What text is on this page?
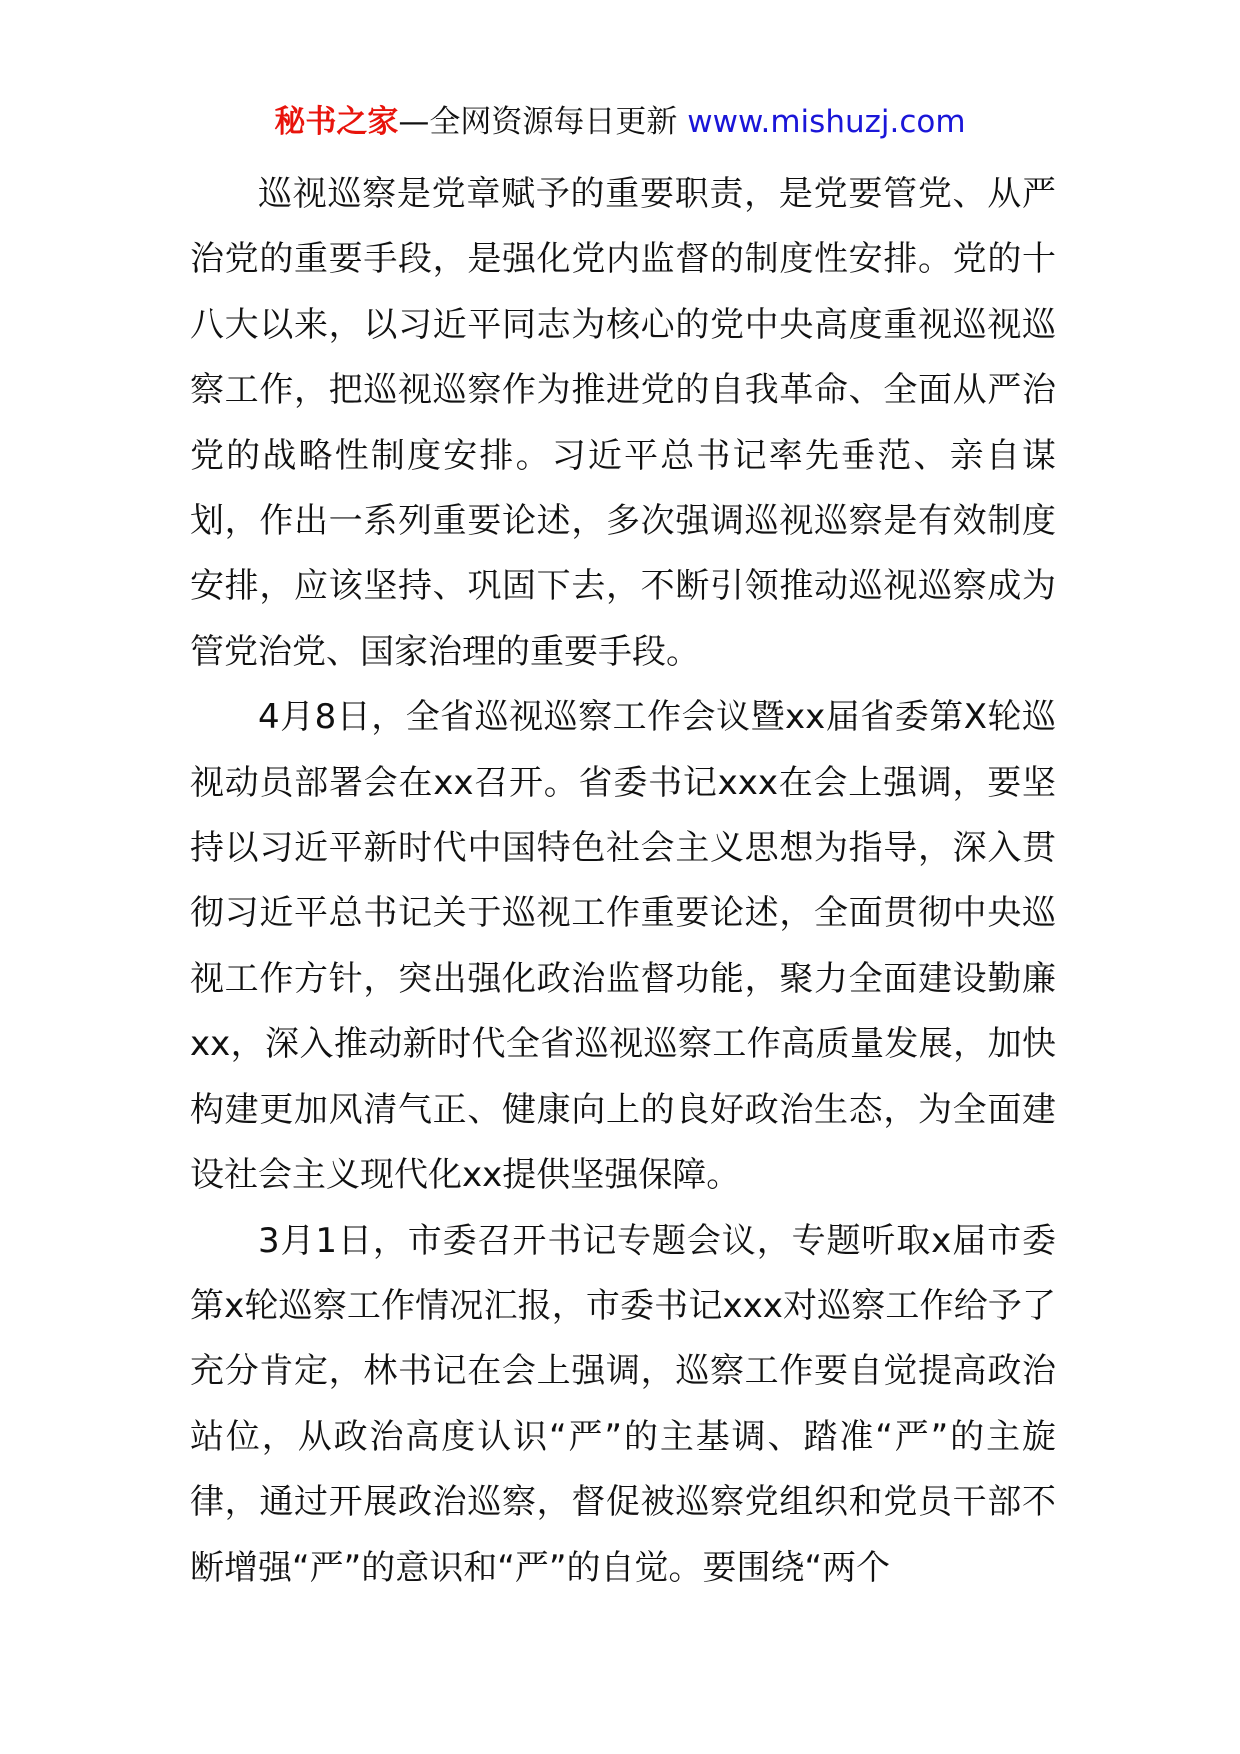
秘书之家—全网资源每日更新 www.mishuzj.com

巡视巡察是党章赋予的重要职责，是党要管党、从严治党的重要手段，是强化党内监督的制度性安排。党的十八大以来，以习近平同志为核心的党中央高度重视巡视巡察工作，把巡视巡察作为推进党的自我革命、全面从严治党的战略性制度安排。习近平总书记率先垂范、亲自谋划，作出一系列重要论述，多次强调巡视巡察是有效制度安排，应该坚持、巩固下去，不断引领推动巡视巡察成为管党治党、国家治理的重要手段。

4月8日，全省巡视巡察工作会议暨xx届省委第X轮巡视动员部署会在xx召开。省委书记xxx在会上强调，要坚持以习近平新时代中国特色社会主义思想为指导，深入贯彻习近平总书记关于巡视工作重要论述，全面贯彻中央巡视工作方针，突出强化政治监督功能，聚力全面建设勤廉xx，深入推动新时代全省巡视巡察工作高质量发展，加快构建更加风清气正、健康向上的良好政治生态，为全面建设社会主义现代化xx提供坚强保障。

3月1日，市委召开书记专题会议，专题听取x届市委第x轮巡察工作情况汇报，市委书记xxx对巡察工作给予了充分肯定，林书记在会上强调，巡察工作要自觉提高政治站位，从政治高度认识“严”的主基调、踏准“严”的主旋律，通过开展政治巡察，督促被巡察党组织和党员干部不断增强“严”的意识和“严”的自觉。要围绕“两个
